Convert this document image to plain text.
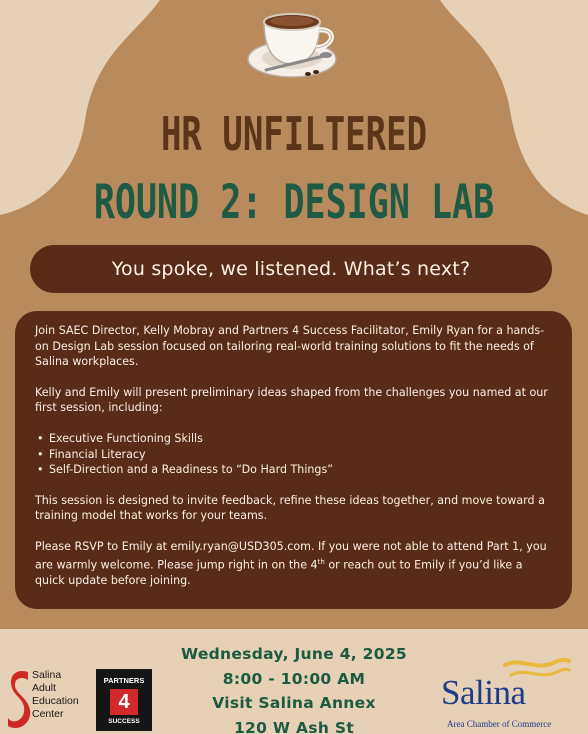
HR UNFILTERED
ROUND 2: DESIGN LAB
You spoke, we listened. What’s next?

Join SAEC Director, Kelly Mobray and Partners 4 Success Facilitator, Emily Ryan for a hands-on Design Lab session focused on tailoring real-world training solutions to fit the needs of Salina workplaces.

Kelly and Emily will present preliminary ideas shaped from the challenges you named at our first session, including:

• Executive Functioning Skills
• Financial Literacy
• Self-Direction and a Readiness to “Do Hard Things”

This session is designed to invite feedback, refine these ideas together, and move toward a training model that works for your teams.

Please RSVP to Emily at emily.ryan@USD305.com. If you were not able to attend Part 1, you are warmly welcome. Please jump right in on the 4th or reach out to Emily if you’d like a quick update before joining.

Salina
Adult
Education
Center
PARTNERS
4
SUCCESS
Wednesday, June 4, 2025
8:00 - 10:00 AM
Visit Salina Annex
120 W Ash St
Salina
Area Chamber of Commerce
